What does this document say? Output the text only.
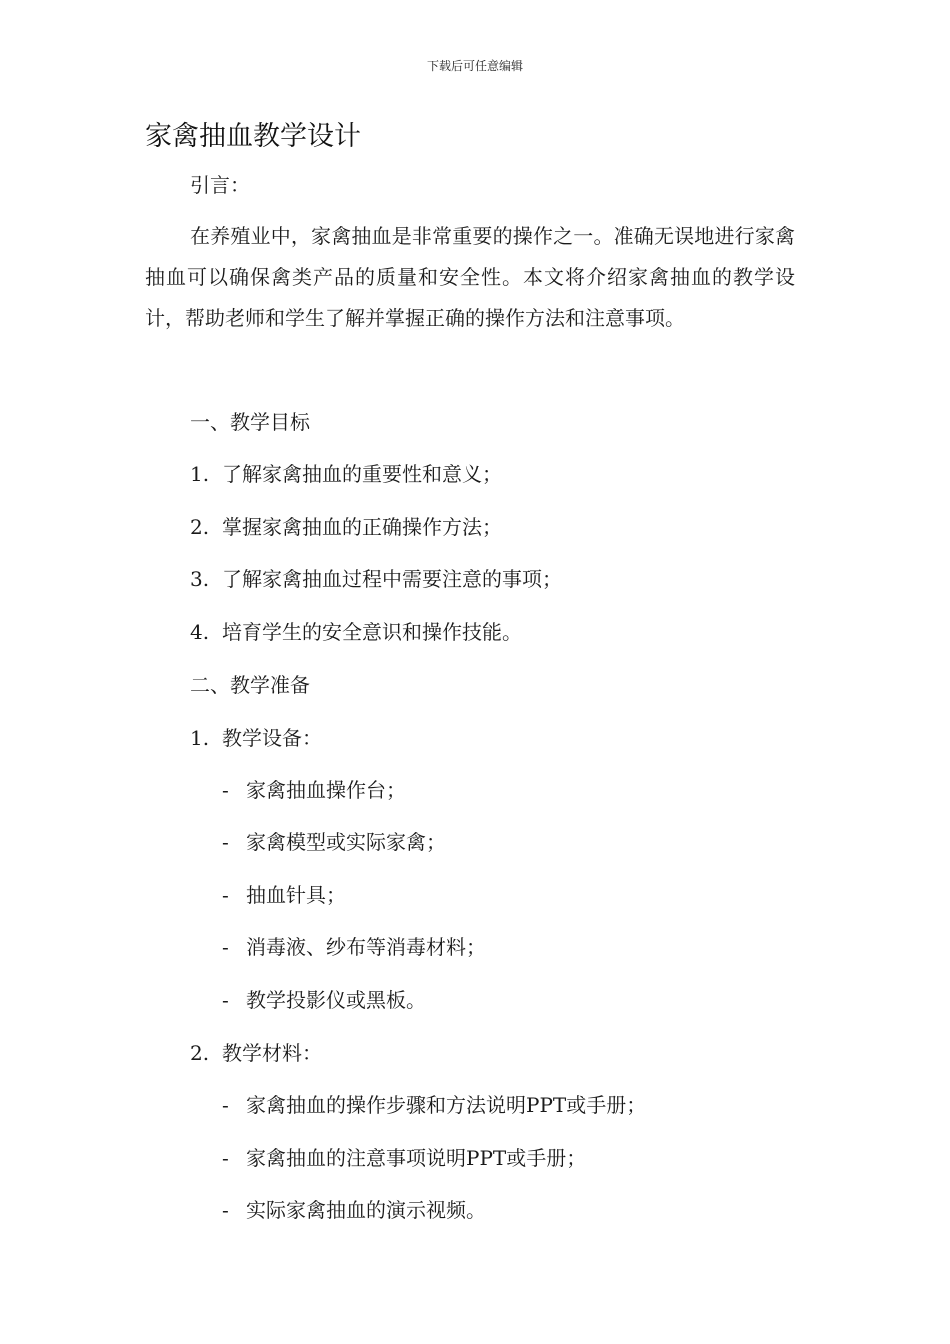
下载后可任意编辑
家禽抽血教学设计
引言：

在养殖业中，家禽抽血是非常重要的操作之一。准确无误地进行家禽抽血可以确保禽类产品的质量和安全性。本文将介绍家禽抽血的教学设计，帮助老师和学生了解并掌握正确的操作方法和注意事项。

一、教学目标
1. 了解家禽抽血的重要性和意义；
2. 掌握家禽抽血的正确操作方法；
3. 了解家禽抽血过程中需要注意的事项；
4. 培育学生的安全意识和操作技能。
二、教学准备
1. 教学设备：
- 家禽抽血操作台；
- 家禽模型或实际家禽；
- 抽血针具；
- 消毒液、纱布等消毒材料；
- 教学投影仪或黑板。
2. 教学材料：
- 家禽抽血的操作步骤和方法说明PPT或手册；
- 家禽抽血的注意事项说明PPT或手册；
- 实际家禽抽血的演示视频。
